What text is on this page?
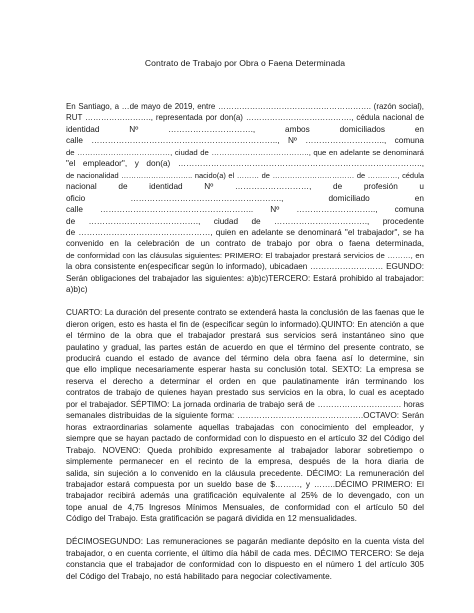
Contrato de Trabajo por Obra o Faena Determinada
En Santiago, a …de mayo de 2019, entre …………………………………………………. (razón social),
RUT ……………………., representada por don(a) …………………………………., cédula nacional de
identidad Nº …………………………., ambos domiciliados en
calle ………………………………………………………….., Nº ……………………….., comuna
de ………………………………, ciudad de ……………………………….., que en adelante se denominará
"el empleador", y don(a) ……………………………………………………………………………..,
de nacionalidad ……………………….. nacido(a) el ……… de …………………………… de …………, cédula
nacional de identidad Nº ………………………, de profesión u
oficio ………………………………………………., domiciliado en
calle ……………………………………………….. Nº ……………………….., comuna
de …………………………………., ciudad de ……………………………., procedente
de …………………………………………, quien en adelante se denominará "el trabajador", se ha
convenido en la celebración de un contrato de trabajo por obra o faena determinada,
de conformidad con las cláusulas siguientes: PRIMERO: El trabajador prestará servicios de ………, en
la obra consistente en(especificar según lo informado), ubicadaen ……………………… EGUNDO:
Serán obligaciones del trabajador las siguientes: a)b)c)TERCERO: Estará prohibido al trabajador:
a)b)c)
CUARTO: La duración del presente contrato se extenderá hasta la conclusión de las faenas que le
dieron origen, esto es hasta el fin de (especificar según lo informado).QUINTO: En atención a que
el término de la obra que el trabajador prestará sus servicios será instantáneo sino que
paulatino y gradual, las partes están de acuerdo en que el término del presente contrato, se
producirá cuando el estado de avance del término dela obra faena así lo determine, sin
que ello implique necesariamente esperar hasta su conclusión total. SEXTO: La empresa se
reserva el derecho a determinar el orden en que paulatinamente irán terminando los
contratos de trabajo de quienes hayan prestado sus servicios en la obra, lo cual es aceptado
por el trabajador. SÉPTIMO: La jornada ordinaria de trabajo será de …………………………. horas
semanales distribuidas de la siguiente forma: ……………………………………….OCTAVO: Serán
horas extraordinarias solamente aquellas trabajadas con conocimiento del empleador, y
siempre que se hayan pactado de conformidad con lo dispuesto en el artículo 32 del Código del
Trabajo. NOVENO: Queda prohibido expresamente al trabajador laborar sobretiempo o
simplemente permanecer en el recinto de la empresa, después de la hora diaria de
salida, sin sujeción a lo convenido en la cláusula precedente. DÉCIMO: La remuneración del
trabajador estará compuesta por un sueldo base de $………, y ……..DÉCIMO PRIMERO: El
trabajador recibirá además una gratificación equivalente al 25% de lo devengado, con un
tope anual de 4,75 Ingresos Mínimos Mensuales, de conformidad con el artículo 50 del
Código del Trabajo. Esta gratificación se pagará dividida en 12 mensualidades.
DÉCIMOSEGUNDO: Las remuneraciones se pagarán mediante depósito en la cuenta vista del
trabajador, o en cuenta corriente, el último día hábil de cada mes. DÉCIMO TERCERO: Se deja
constancia que el trabajador de conformidad con lo dispuesto en el número 1 del artículo 305
del Código del Trabajo, no está habilitado para negociar colectivamente.
